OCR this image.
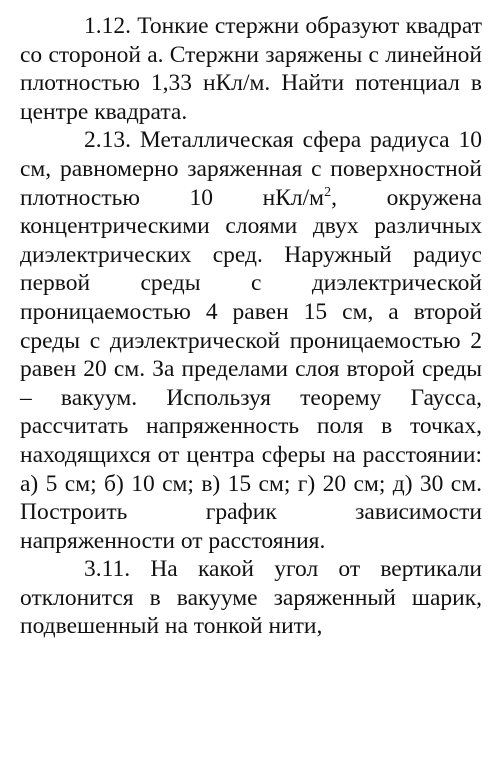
1.12. Тонкие стержни образуют квадрат со стороной а. Стержни заряжены с линейной плотностью 1,33 нКл/м. Найти потенциал в центре квадрата.

2.13. Металлическая сфера радиуса 10 см, равномерно заряженная с поверхностной плотностью 10 нКл/$м^2$, окружена концентрическими слоями двух различных диэлектрических сред. Наружный радиус первой среды с диэлектрической проницаемостью 4 равен 15 см, а второй среды с диэлектрической проницаемостью 2 равен 20 см. За пределами слоя второй среды – вакуум. Используя теорему Гаусса, рассчитать напряженность поля в точках, находящихся от центра сферы на расстоянии: а) 5 см; б) 10 см; в) 15 см; г) 20 см; д) 30 см. Построить график зависимости напряженности от расстояния.

3.11. На какой угол от вертикали отклонится в вакууме заряженный шарик, подвешенный на тонкой нити,
